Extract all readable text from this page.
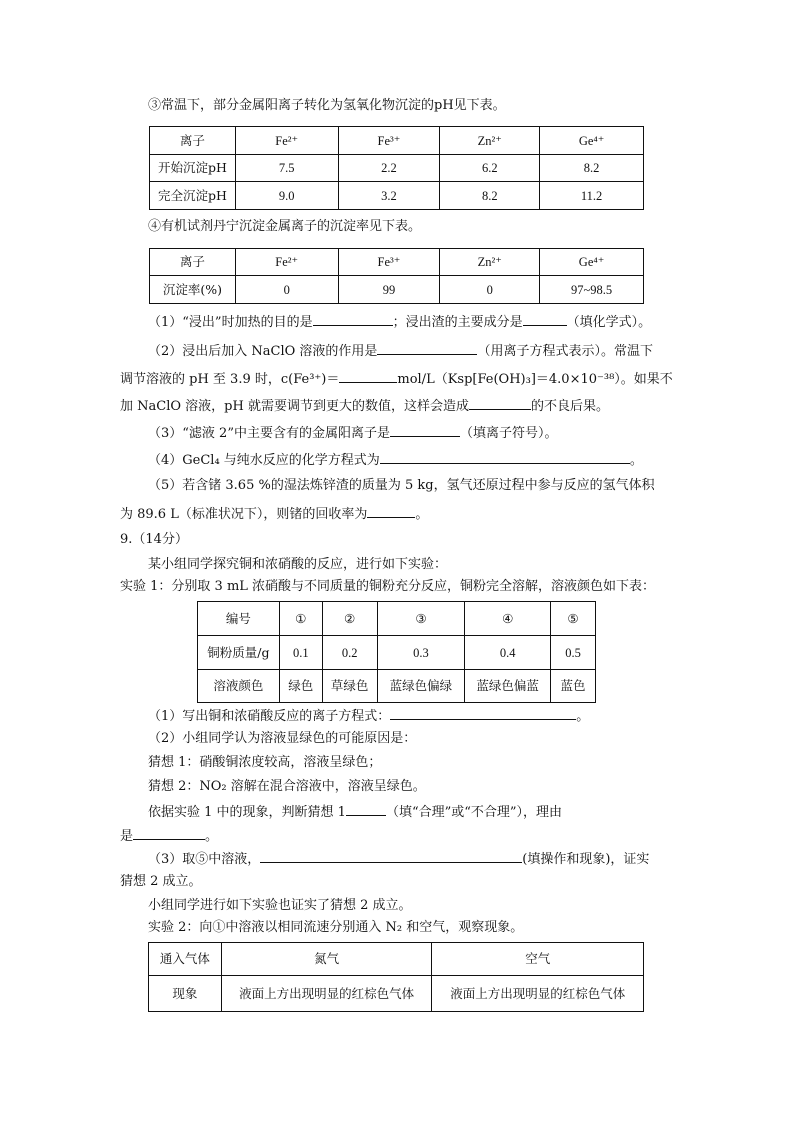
③常温下，部分金属阳离子转化为氢氧化物沉淀的pH见下表。
离子	Fe²⁺	Fe³⁺	Zn²⁺	Ge⁴⁺
开始沉淀pH	7.5	2.2	6.2	8.2
完全沉淀pH	9.0	3.2	8.2	11.2
④有机试剂丹宁沉淀金属离子的沉淀率见下表。
离子	Fe²⁺	Fe³⁺	Zn²⁺	Ge⁴⁺
沉淀率(%)	0	99	0	97~98.5
（1）“浸出”时加热的目的是	；浸出渣的主要成分是	（填化学式）。
（2）浸出后加入 NaClO 溶液的作用是	（用离子方程式表示）。常温下
调节溶液的 pH 至 3.9 时，c(Fe³⁺)＝	mol/L（Ksp[Fe(OH)₃]＝4.0×10⁻³⁸）。如果不
加 NaClO 溶液，pH 就需要调节到更大的数值，这样会造成	的不良后果。
（3）“滤液 2”中主要含有的金属阳离子是	（填离子符号）。
（4）GeCl₄ 与纯水反应的化学方程式为	。
（5）若含锗 3.65 %的湿法炼锌渣的质量为 5 kg，氢气还原过程中参与反应的氢气体积
为 89.6 L（标准状况下），则锗的回收率为	。
9.（14分）
某小组同学探究铜和浓硝酸的反应，进行如下实验：
实验 1：分别取 3 mL 浓硝酸与不同质量的铜粉充分反应，铜粉完全溶解，溶液颜色如下表：
编号	①	②	③	④	⑤
铜粉质量/g	0.1	0.2	0.3	0.4	0.5
溶液颜色	绿色	草绿色	蓝绿色偏绿	蓝绿色偏蓝	蓝色
（1）写出铜和浓硝酸反应的离子方程式：	。
（2）小组同学认为溶液显绿色的可能原因是：
猜想 1：硝酸铜浓度较高，溶液呈绿色；
猜想 2：NO₂ 溶解在混合溶液中，溶液呈绿色。
依据实验 1 中的现象，判断猜想 1	（填“合理”或“不合理”），理由
是	。
（3）取⑤中溶液，	(填操作和现象)，证实
猜想 2 成立。
小组同学进行如下实验也证实了猜想 2 成立。
实验 2：向①中溶液以相同流速分别通入 N₂ 和空气，观察现象。
通入气体	氮气	空气
现象	液面上方出现明显的红棕色气体	液面上方出现明显的红棕色气体
